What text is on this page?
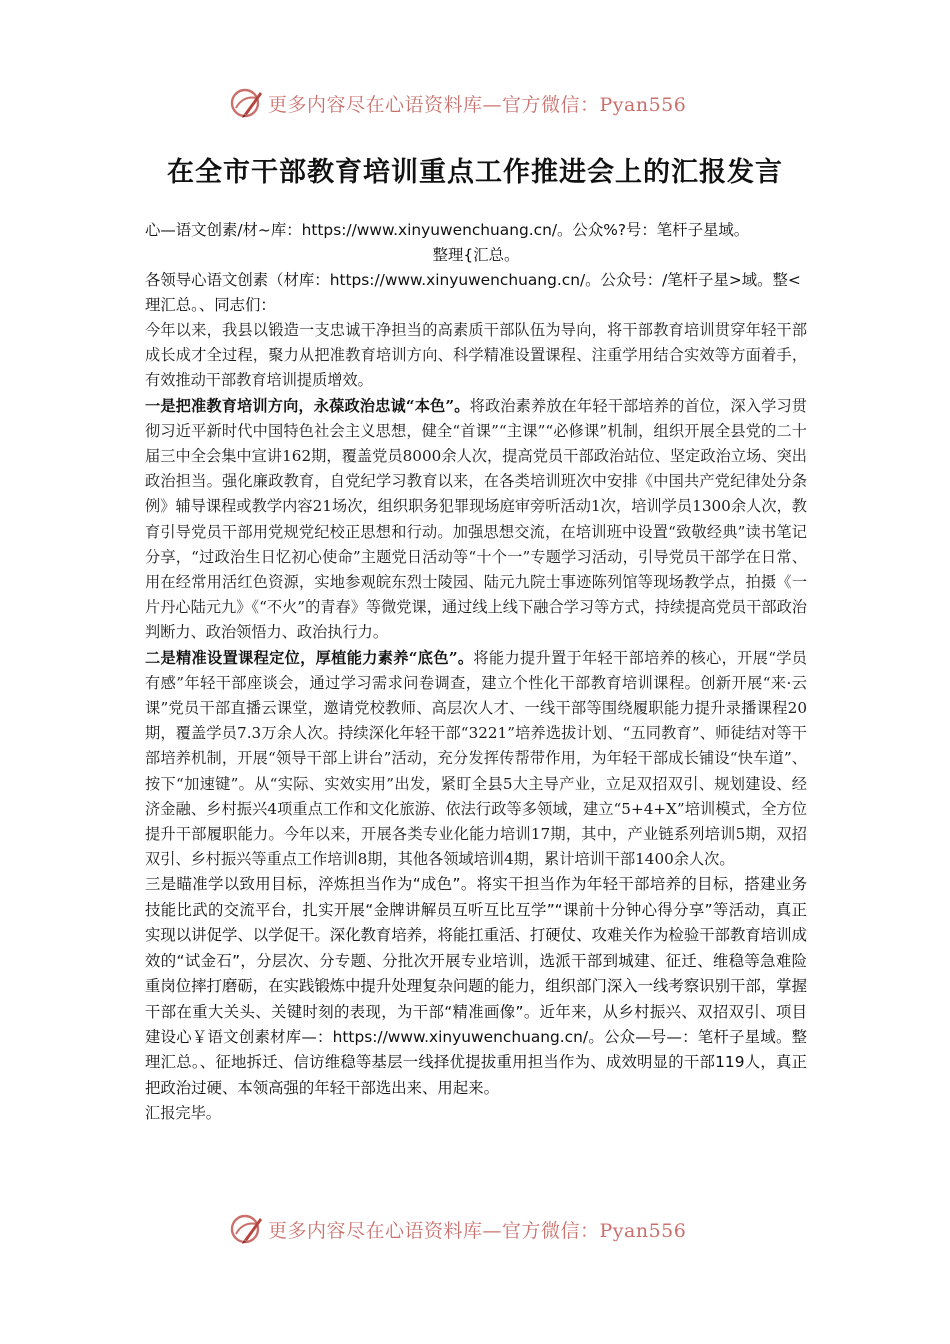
更多内容尽在心语资料库—官方微信：Pyan556
在全市干部教育培训重点工作推进会上的汇报发言

心—语文创素/材~库：https://www.xinyuwenchuang.cn/。公众%?号：笔杆子星域。

整理{汇总。

各领导心语文创素（材库：https://www.xinyuwenchuang.cn/。公众号：/笔杆子星>域。整<理汇总。、同志们：

今年以来，我县以锻造一支忠诚干净担当的高素质干部队伍为导向，将干部教育培训贯穿年轻干部成长成才全过程，聚力从把准教育培训方向、科学精准设置课程、注重学用结合实效等方面着手，有效推动干部教育培训提质增效。

一是把准教育培训方向，永葆政治忠诚“本色”。将政治素养放在年轻干部培养的首位，深入学习贯彻习近平新时代中国特色社会主义思想，健全“首课”“主课”“必修课”机制，组织开展全县党的二十届三中全会集中宣讲162期，覆盖党员8000余人次，提高党员干部政治站位、坚定政治立场、突出政治担当。强化廉政教育，自党纪学习教育以来，在各类培训班次中安排《中国共产党纪律处分条例》辅导课程或教学内容21场次，组织职务犯罪现场庭审旁听活动1次，培训学员1300余人次，教育引导党员干部用党规党纪校正思想和行动。加强思想交流，在培训班中设置“致敬经典”读书笔记分享，“过政治生日忆初心使命”主题党日活动等“十个一”专题学习活动，引导党员干部学在日常、用在经常用活红色资源，实地参观皖东烈士陵园、陆元九院士事迹陈列馆等现场教学点，拍摄《一片丹心陆元九》《“不火”的青春》等微党课，通过线上线下融合学习等方式，持续提高党员干部政治判断力、政治领悟力、政治执行力。

二是精准设置课程定位，厚植能力素养“底色”。将能力提升置于年轻干部培养的核心，开展“学员有感”年轻干部座谈会，通过学习需求问卷调查，建立个性化干部教育培训课程。创新开展“来·云课”党员干部直播云课堂，邀请党校教师、高层次人才、一线干部等围绕履职能力提升录播课程20期，覆盖学员7.3万余人次。持续深化年轻干部“3221”培养选拔计划、“五同教育”、师徒结对等干部培养机制，开展“领导干部上讲台”活动，充分发挥传帮带作用，为年轻干部成长铺设“快车道”、按下“加速键”。从“实际、实效实用”出发，紧盯全县5大主导产业，立足双招双引、规划建设、经济金融、乡村振兴4项重点工作和文化旅游、依法行政等多领域，建立“5+4+X”培训模式，全方位提升干部履职能力。今年以来，开展各类专业化能力培训17期，其中，产业链系列培训5期，双招双引、乡村振兴等重点工作培训8期，其他各领域培训4期，累计培训干部1400余人次。

三是瞄准学以致用目标，淬炼担当作为“成色”。将实干担当作为年轻干部培养的目标，搭建业务技能比武的交流平台，扎实开展“金牌讲解员互听互比互学”“课前十分钟心得分享”等活动，真正实现以讲促学、以学促干。深化教育培养，将能扛重活、打硬仗、攻难关作为检验干部教育培训成效的“试金石”，分层次、分专题、分批次开展专业培训，选派干部到城建、征迁、维稳等急难险重岗位摔打磨砺，在实践锻炼中提升处理复杂问题的能力，组织部门深入一线考察识别干部，掌握干部在重大关头、关键时刻的表现，为干部“精准画像”。近年来，从乡村振兴、双招双引、项目建设心￥语文创素材库—：https://www.xinyuwenchuang.cn/。公众—号—：笔杆子星域。整理汇总。、征地拆迁、信访维稳等基层一线择优提拔重用担当作为、成效明显的干部119人，真正把政治过硬、本领高强的年轻干部选出来、用起来。

汇报完毕。

更多内容尽在心语资料库—官方微信：Pyan556
